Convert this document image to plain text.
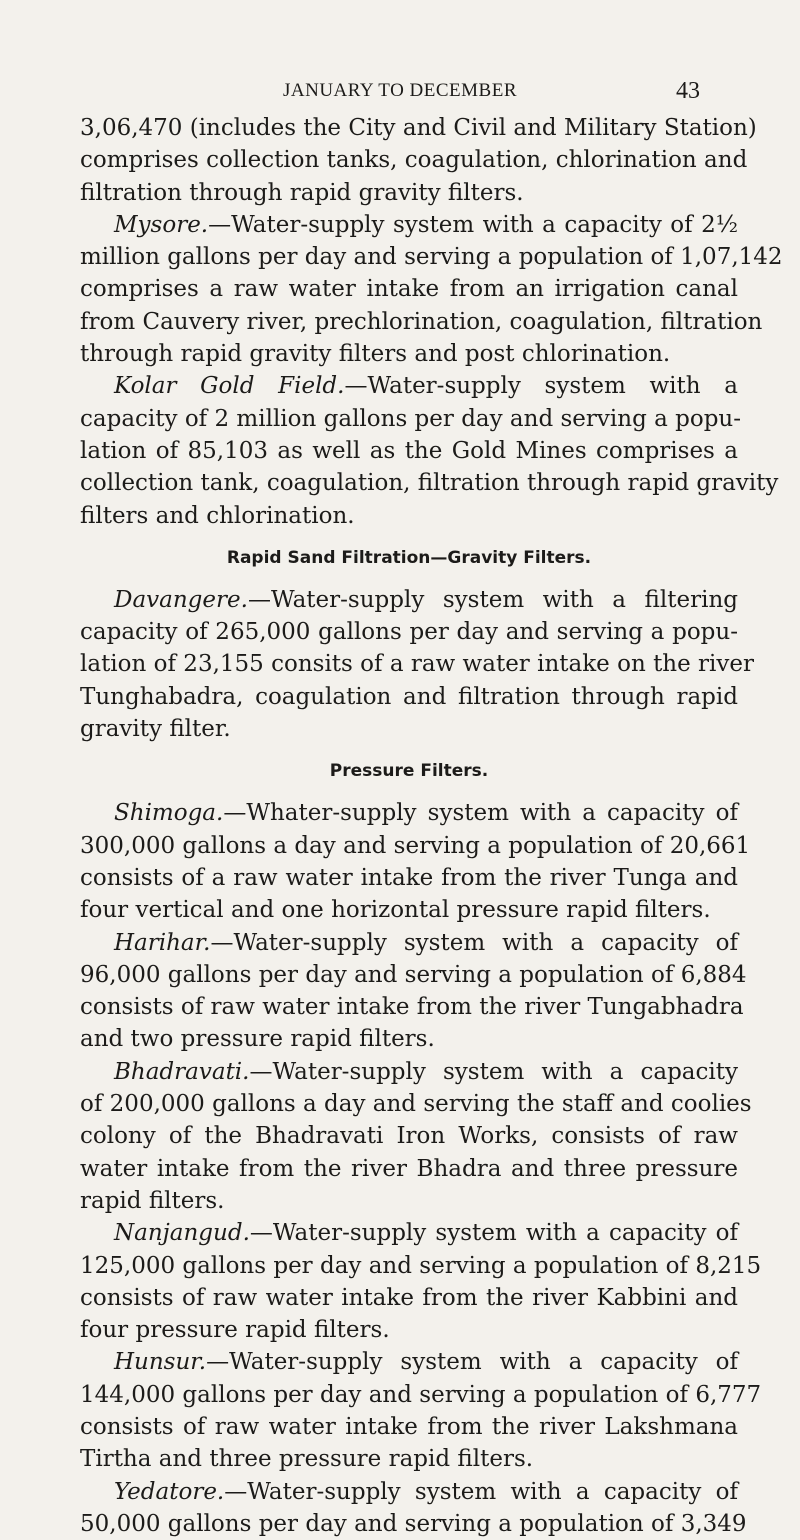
JANUARY TO DECEMBER	43
3,06,470 (includes the City and Civil and Military Station)
comprises collection tanks, coagulation, chlorination and
filtration through rapid gravity filters.
Mysore.—Water-supply system with a capacity of 2½
million gallons per day and serving a population of 1,07,142
comprises a raw water intake from an irrigation canal
from Cauvery river, prechlorination, coagulation, filtration
through rapid gravity filters and post chlorination.
Kolar Gold Field.—Water-supply system with a
capacity of 2 million gallons per day and serving a popu-
lation of 85,103 as well as the Gold Mines comprises a
collection tank, coagulation, filtration through rapid gravity
filters and chlorination.
Rapid Sand Filtration—Gravity Filters.
Davangere.—Water-supply system with a filtering
capacity of 265,000 gallons per day and serving a popu-
lation of 23,155 consits of a raw water intake on the river
Tunghabadra, coagulation and filtration through rapid
gravity filter.
Pressure Filters.
Shimoga.—Whater-supply system with a capacity of
300,000 gallons a day and serving a population of 20,661
consists of a raw water intake from the river Tunga and
four vertical and one horizontal pressure rapid filters.
Harihar.—Water-supply system with a capacity of
96,000 gallons per day and serving a population of 6,884
consists of raw water intake from the river Tungabhadra
and two pressure rapid filters.
Bhadravati.—Water-supply system with a capacity
of 200,000 gallons a day and serving the staff and coolies
colony of the Bhadravati Iron Works, consists of raw
water intake from the river Bhadra and three pressure
rapid filters.
Nanjangud.—Water-supply system with a capacity of
125,000 gallons per day and serving a population of 8,215
consists of raw water intake from the river Kabbini and
four pressure rapid filters.
Hunsur.—Water-supply system with a capacity of
144,000 gallons per day and serving a population of 6,777
consists of raw water intake from the river Lakshmana
Tirtha and three pressure rapid filters.
Yedatore.—Water-supply system with a capacity of
50,000 gallons per day and serving a population of 3,349
